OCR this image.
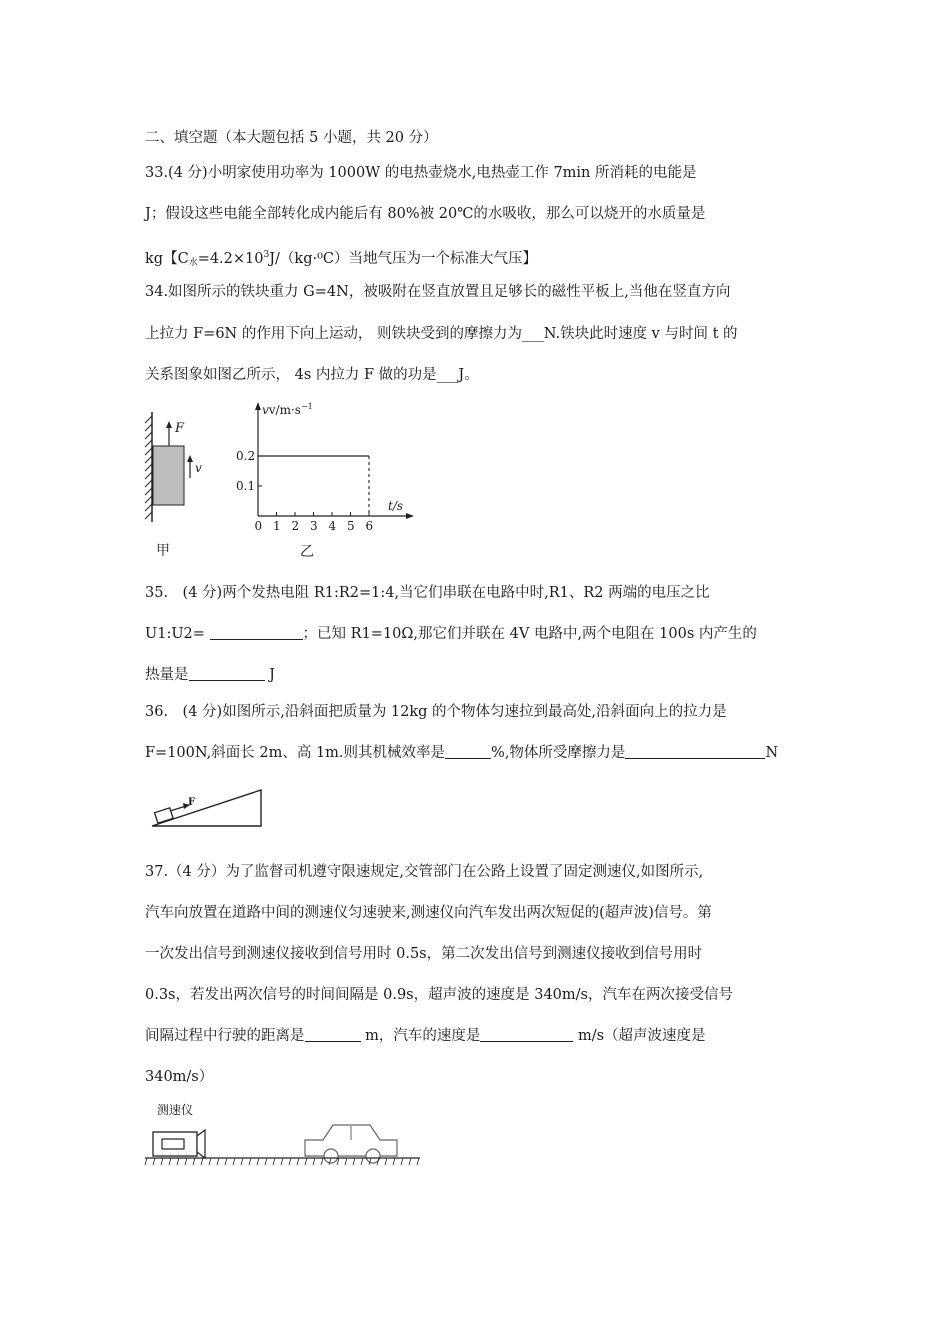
二、填空题（本大题包括 5 小题，共 20 分）
33.(4 分)小明家使用功率为 1000W 的电热壶烧水,电热壶工作 7min 所消耗的电能是
J；假设这些电能全部转化成内能后有 80%被 20℃的水吸收，那么可以烧开的水质量是
kg【$C_水=4.2\times 10^3J/(kg\cdot^0C)$当地气压为一个标准大气压】
34.如图所示的铁块重力 G=4N，被吸附在竖直放置且足够长的磁性平板上,当他在竖直方向
上拉力 F=6N 的作用下向上运动， 则铁块受到的摩擦力为___N.铁块此时速度 v 与时间 t 的
关系图象如图乙所示， 4s 内拉力 F 做的功是___J。
F
v
甲
$vv/m\cdot s^{-1}$
t/s
0 1 2 3 4 5 6
0.1
0.2
乙
35.　(4 分)两个发热电阻 R1:R2=1:4,当它们串联在电路中时,R1、R2 两端的电压之比
U1:U2=	；已知 R1=10Ω,那它们并联在 4V 电路中,两个电阻在 100s 内产生的
热量是	J
36.　(4 分)如图所示,沿斜面把质量为 12kg 的个物体匀速拉到最高处,沿斜面向上的拉力是
F=100N,斜面长 2m、高 1m.则其机械效率是	%,物体所受摩擦力是	N
F
37.（4 分）为了监督司机遵守限速规定,交管部门在公路上设置了固定测速仪,如图所示,
汽车向放置在道路中间的测速仪匀速驶来,测速仪向汽车发出两次短促的(超声波)信号。第
一次发出信号到测速仪接收到信号用时 0.5s，第二次发出信号到测速仪接收到信号用时
0.3s，若发出两次信号的时间间隔是 0.9s，超声波的速度是 340m/s，汽车在两次接受信号
间隔过程中行驶的距离是	m，汽车的速度是	m/s（超声波速度是
340m/s）
测速仪
